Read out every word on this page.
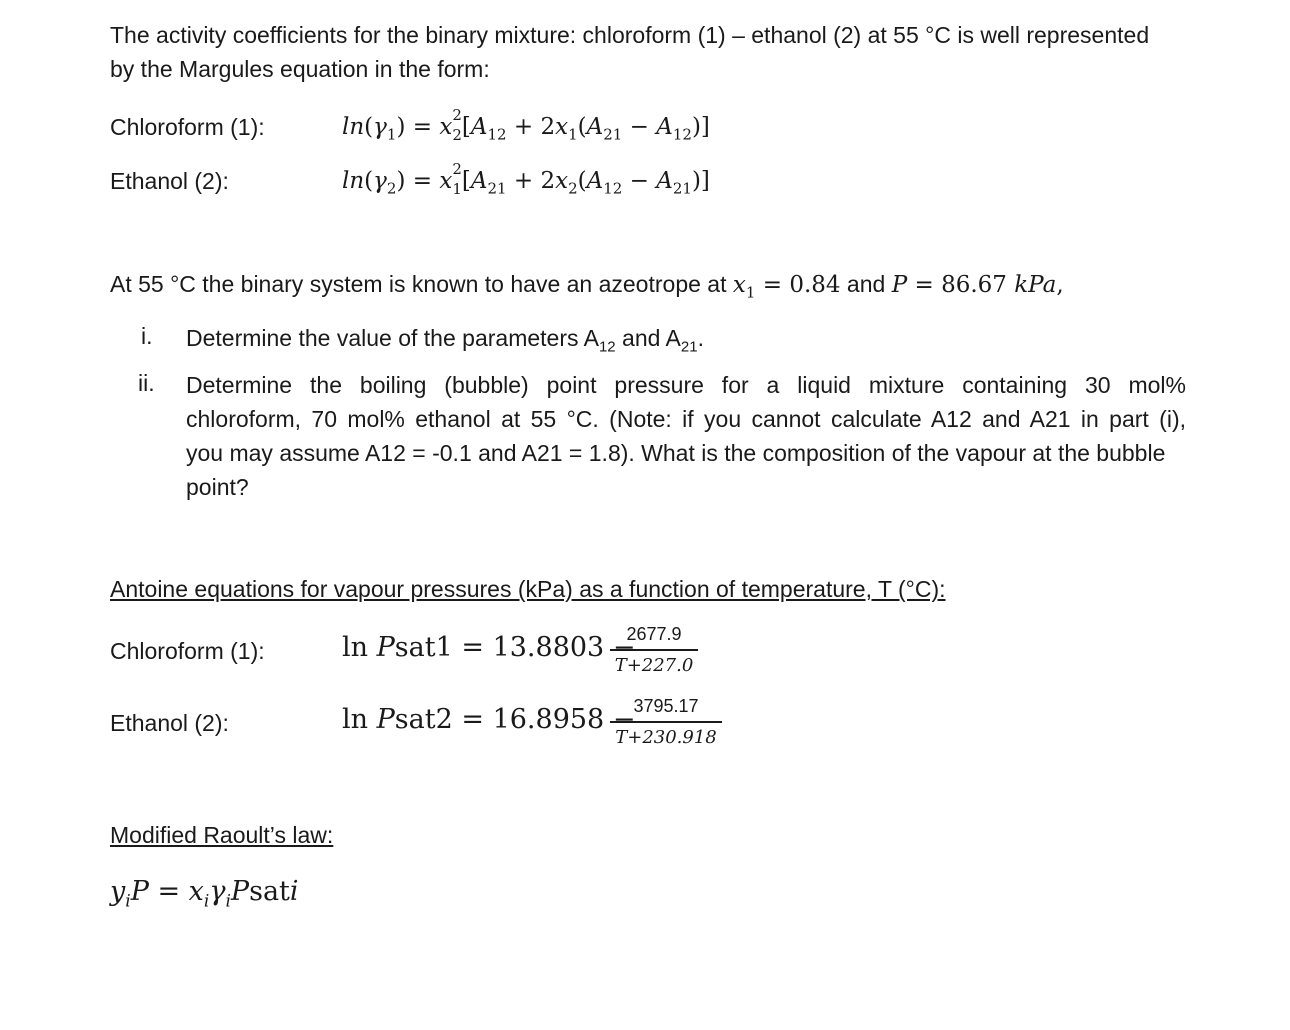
The activity coefficients for the binary mixture: chloroform (1) – ethanol (2) at 55 °C is well represented
by the Margules equation in the form:
Chloroform (1):	$\ln(\gamma_1) = x$ $_{2 2}[A_{12} + 2x_1(A_{21} - A_{12})]$
Ethanol (2):	$\ln(\gamma_2) = x$ $_{2 1}[A_{21} + 2x_2(A_{12} - A_{21})]$
At 55 °C the binary system is known to have an azeotrope at $x_1 = 0.84$ and P = 86.67 kPa,
i. Determine the value of the parameters $A_{12}$ and $A_{21}$.
ii. Determine the boiling (bubble) point pressure for a liquid mixture containing 30 mol%
chloroform, 70 mol% ethanol at 55 °C. (Note: if you cannot calculate A12 and A21 in part (i),
you may assume A12 = -0.1 and A21 = 1.8). What is the composition of the vapour at the bubble
point?
Antoine equations for vapour pressures (kPa) as a function of temperature, T (°C):
Chloroform (1):	ln Psat1 = 13.8803 −
$\frac{2677.9}{T+227.0}$
Ethanol (2):	ln Psat2 = 16.8958 −
$\frac{3795.17}{T+230.918}$
Modified Raoult’s law:
$y_iP$ = $x_i\gamma_iPsati$
